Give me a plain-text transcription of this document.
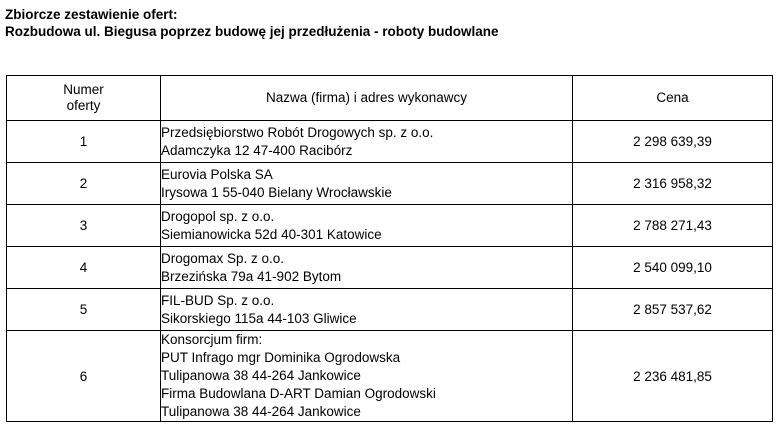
Zbiorcze zestawienie ofert:
Rozbudowa ul. Biegusa poprzez budowę jej przedłużenia - roboty budowlane
Numer
oferty	Nazwa (firma) i adres wykonawcy	Cena
1	Przedsiębiorstwo Robót Drogowych sp. z o.o.
Adamczyka 12 47-400 Racibórz	2 298 639,39
2	Eurovia Polska SA
Irysowa 1 55-040 Bielany Wrocławskie	2 316 958,32
3	Drogopol sp. z o.o.
Siemianowicka 52d 40-301 Katowice	2 788 271,43
4	Drogomax Sp. z o.o.
Brzezińska 79a 41-902 Bytom	2 540 099,10
5	FIL-BUD Sp. z o.o.
Sikorskiego 115a 44-103 Gliwice	2 857 537,62
6	Konsorcjum firm:
PUT Infrago mgr Dominika Ogrodowska
Tulipanowa 38 44-264 Jankowice
Firma Budowlana D-ART Damian Ogrodowski
Tulipanowa 38 44-264 Jankowice	2 236 481,85
